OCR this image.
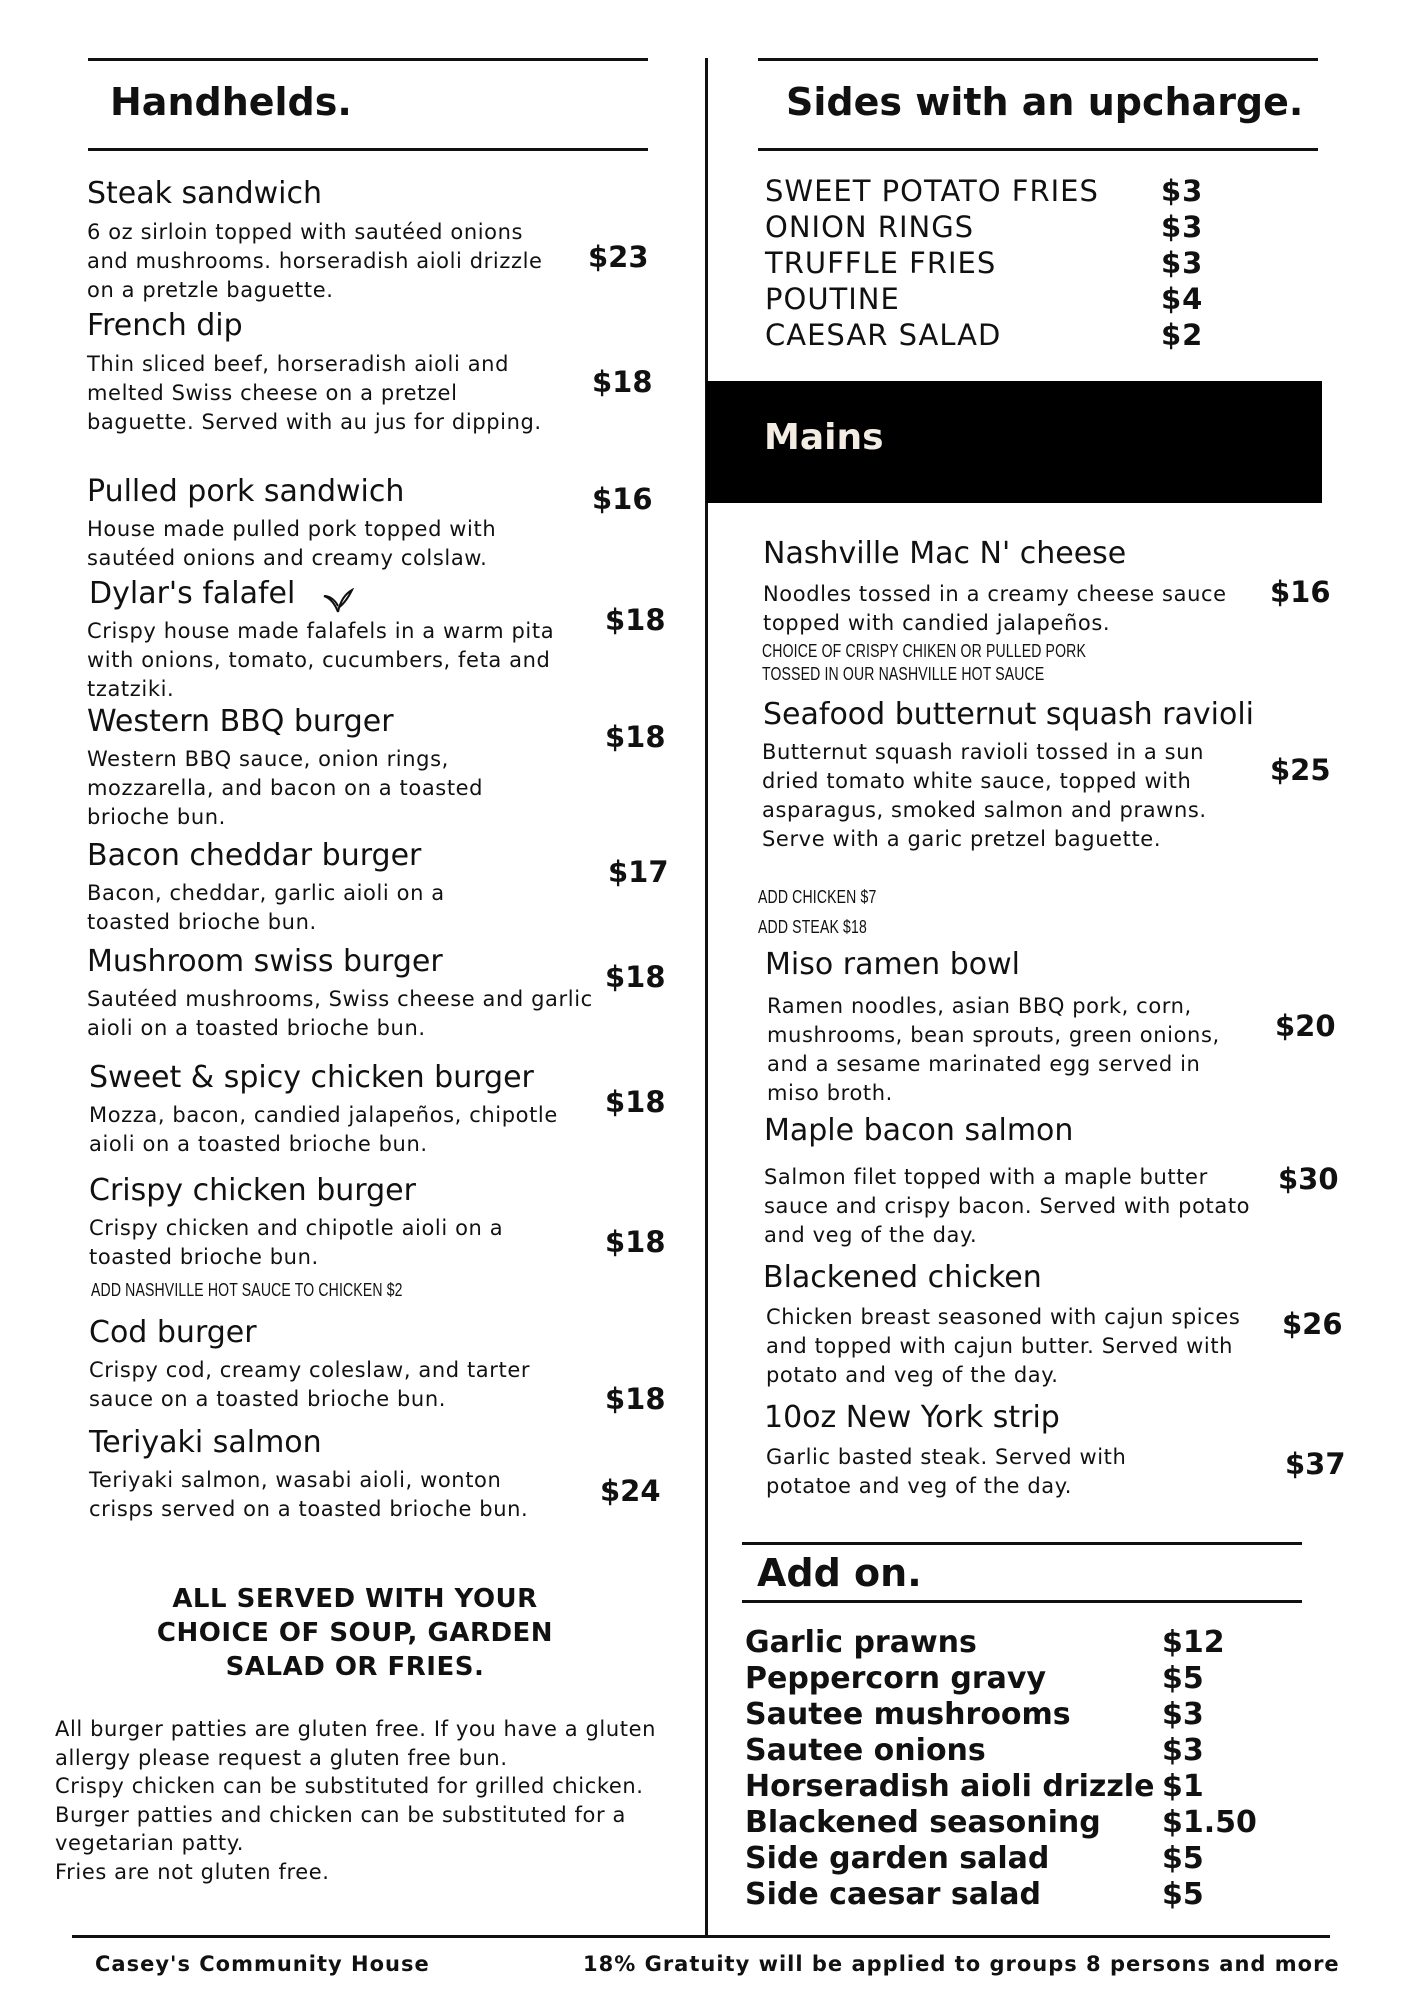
Handhelds.
Steak sandwich
6 oz sirloin topped with sautéed onions and mushrooms. horseradish aioli drizzle on a pretzle baguette.
$23
French dip
Thin sliced beef, horseradish aioli and melted Swiss cheese on a pretzel baguette. Served with au jus for dipping.
$18
Pulled pork sandwich
House made pulled pork topped with sautéed onions and creamy colslaw.
$16
Dylar's falafel
Crispy house made falafels in a warm pita with onions, tomato, cucumbers, feta and tzatziki.
$18
Western BBQ burger
Western BBQ sauce, onion rings, mozzarella, and bacon on a toasted brioche bun.
$18
Bacon cheddar burger
Bacon, cheddar, garlic aioli on a toasted brioche bun.
$17
Mushroom swiss burger
Sautéed mushrooms, Swiss cheese and garlic aioli on a toasted brioche bun.
$18
Sweet & spicy chicken burger
Mozza, bacon, candied jalapeños, chipotle aioli on a toasted brioche bun.
$18
Crispy chicken burger
Crispy chicken and chipotle aioli on a toasted brioche bun.
ADD NASHVILLE HOT SAUCE TO CHICKEN $2
$18
Cod burger
Crispy cod, creamy coleslaw, and tarter sauce on a toasted brioche bun.	$18
Teriyaki salmon
Teriyaki salmon, wasabi aioli, wonton crisps served on a toasted brioche bun.
$24
ALL SERVED WITH YOUR CHOICE OF SOUP, GARDEN SALAD OR FRIES.
All burger patties are gluten free. If you have a gluten allergy please request a gluten free bun.
Crispy chicken can be substituted for grilled chicken.
Burger patties and chicken can be substituted for a vegetarian patty.
Fries are not gluten free.
Sides with an upcharge.
SWEET POTATO FRIES $3
ONION RINGS	$3
TRUFFLE FRIES	$3
POUTINE	$4
CAESAR SALAD	$2
Mains
Nashville Mac N' cheese
Noodles tossed in a creamy cheese sauce topped with candied jalapeños.
CHOICE OF CRISPY CHIKEN OR PULLED PORK
TOSSED IN OUR NASHVILLE HOT SAUCE
$16
Seafood butternut squash ravioli
Butternut squash ravioli tossed in a sun dried tomato white sauce, topped with asparagus, smoked salmon and prawns. Serve with a garic pretzel baguette.
ADD CHICKEN $7
ADD STEAK $18
$25
Miso ramen bowl
Ramen noodles, asian BBQ pork, corn, mushrooms, bean sprouts, green onions, and a sesame marinated egg served in miso broth.
$20
Maple bacon salmon
Salmon filet topped with a maple butter sauce and crispy bacon. Served with potato and veg of the day.
$30
Blackened chicken
Chicken breast seasoned with cajun spices and topped with cajun butter. Served with potato and veg of the day.
$26
10oz New York strip
Garlic basted steak. Served with potatoe and veg of the day.
$37
Add on.
Garlic prawns	$12
Peppercorn gravy	$5
Sautee mushrooms	$3
Sautee onions	$3
Horseradish aioli drizzle $1
Blackened seasoning $1.50
Side garden salad	$5
Side caesar salad	$5
Casey's Community House	18% Gratuity will be applied to groups 8 persons and more
